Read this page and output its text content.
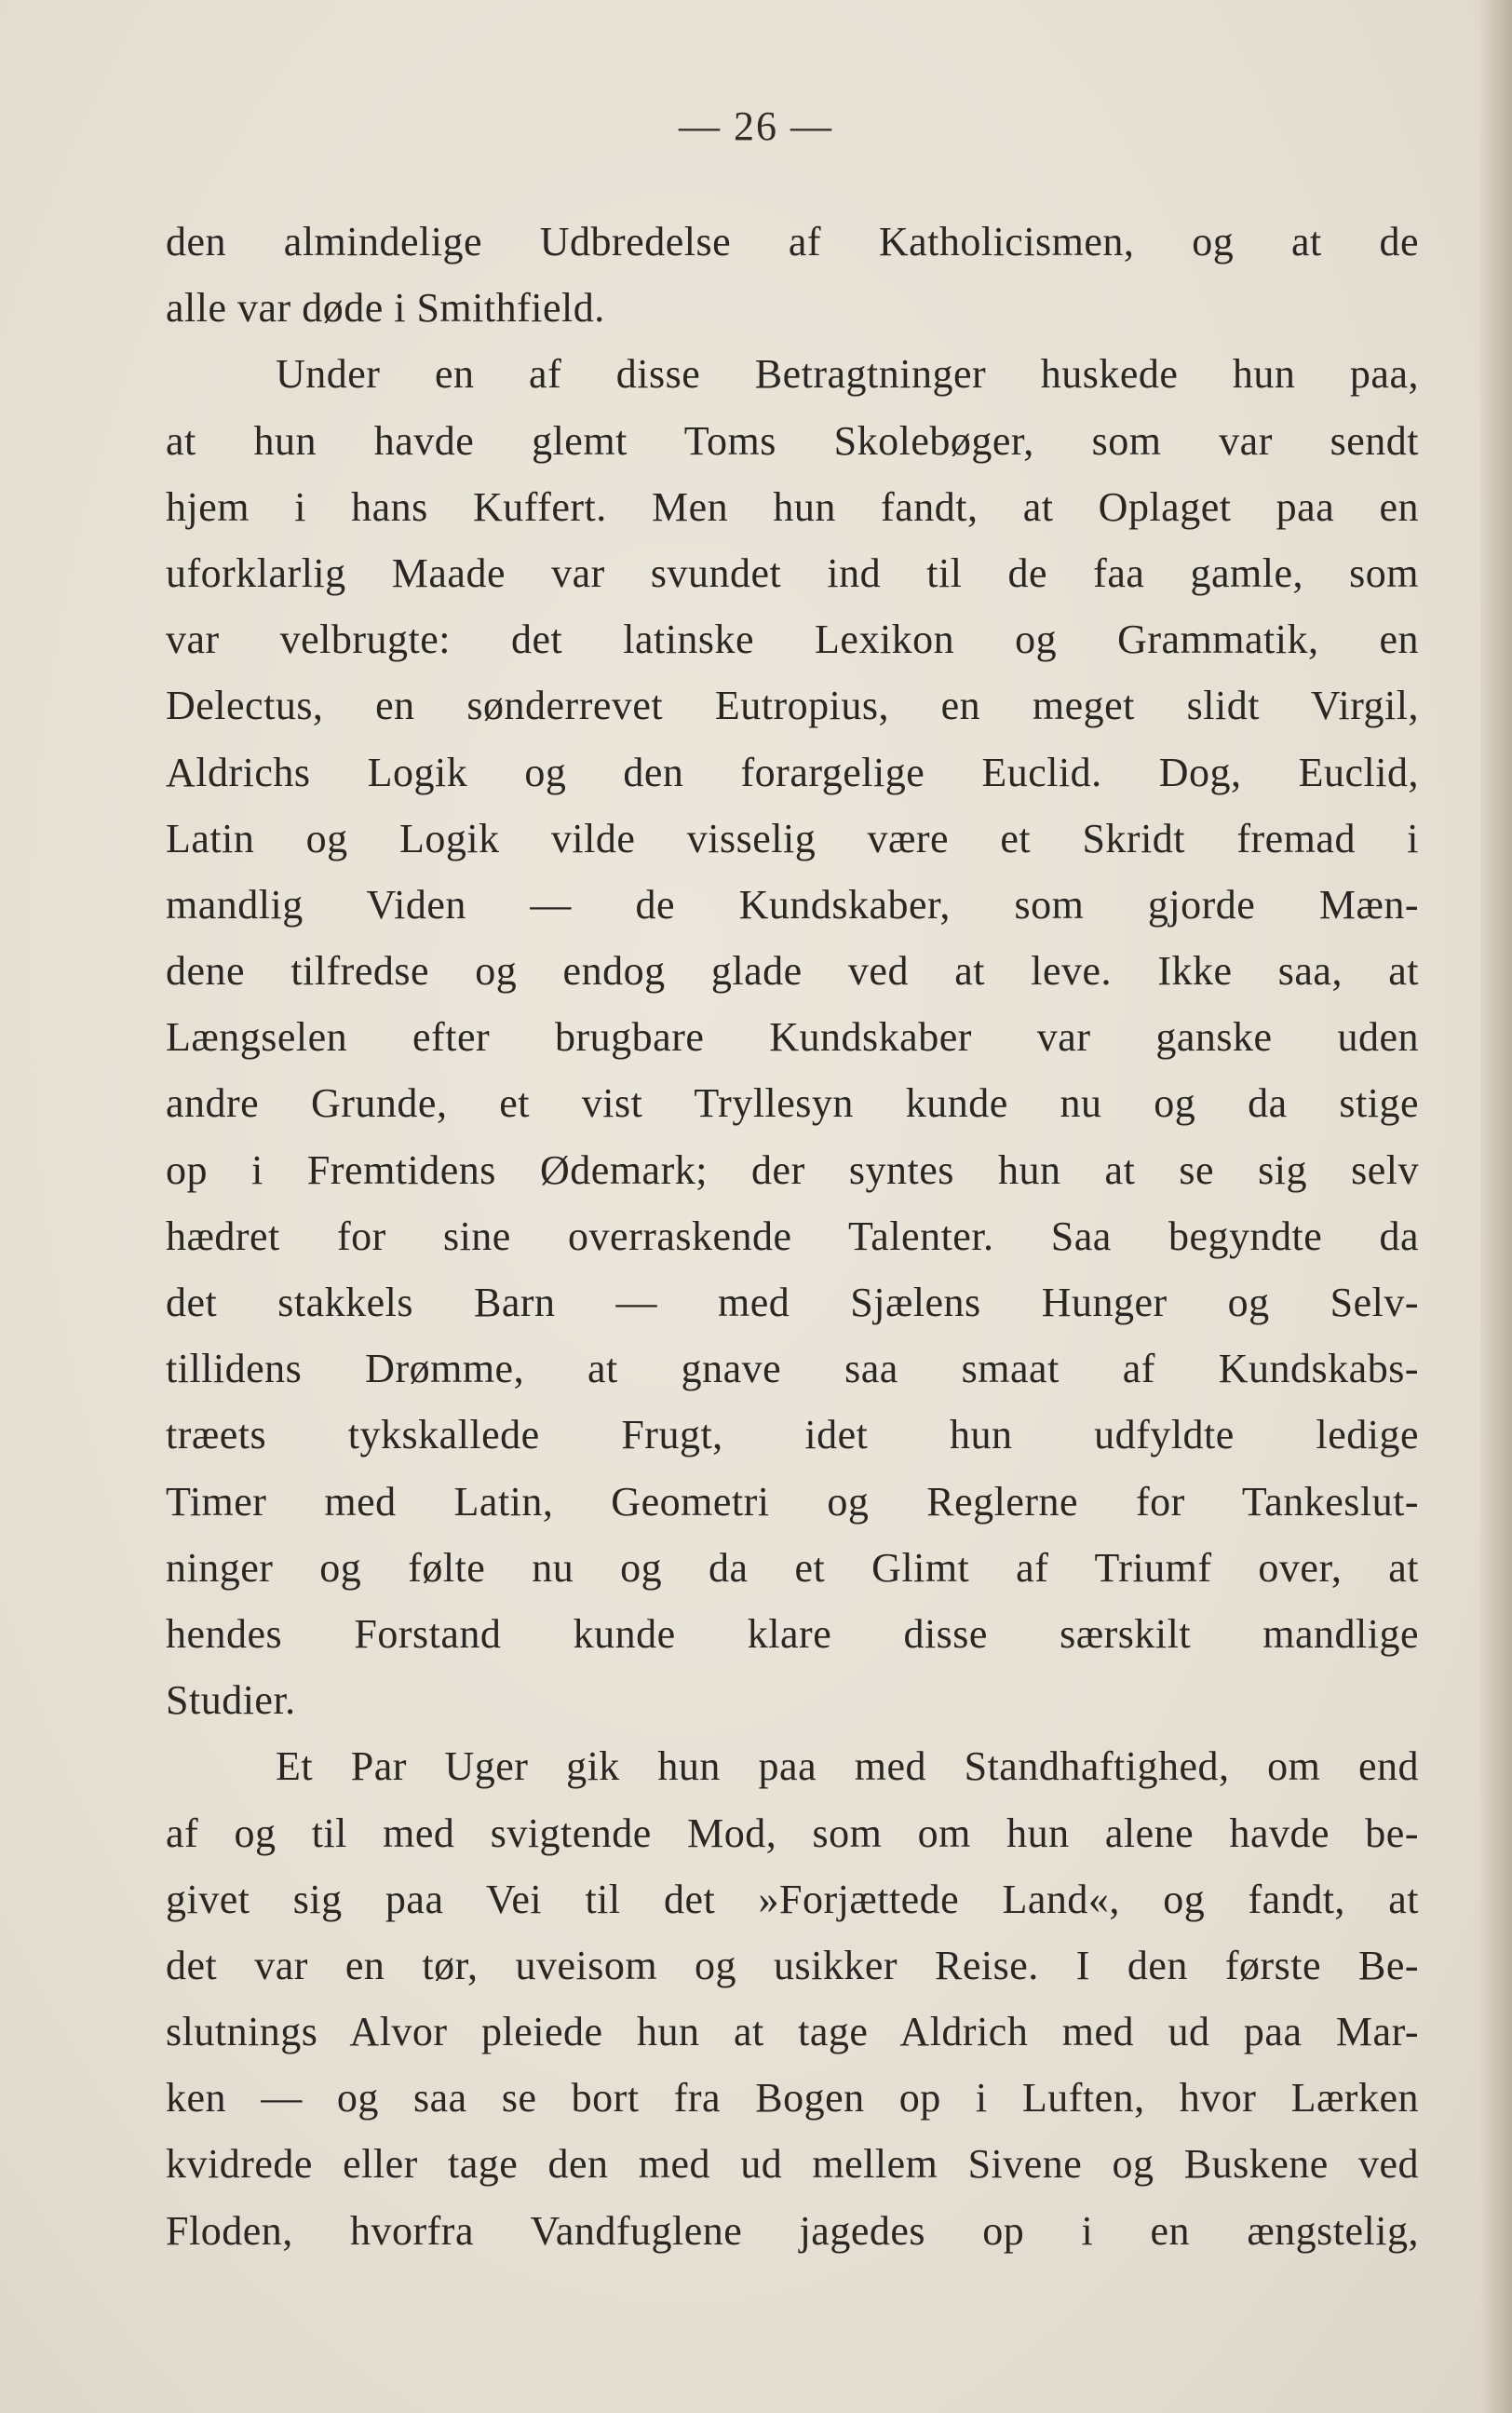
— 26 —
den almindelige Udbredelse af Katholicismen, og at de
alle var døde i Smithfield.
Under en af disse Betragtninger huskede hun paa,
at hun havde glemt Toms Skolebøger, som var sendt
hjem i hans Kuffert. Men hun fandt, at Oplaget paa en
uforklarlig Maade var svundet ind til de faa gamle, som
var velbrugte: det latinske Lexikon og Grammatik, en
Delectus, en sønderrevet Eutropius, en meget slidt Virgil,
Aldrichs Logik og den forargelige Euclid. Dog, Euclid,
Latin og Logik vilde visselig være et Skridt fremad i
mandlig Viden — de Kundskaber, som gjorde Mæn-
dene tilfredse og endog glade ved at leve. Ikke saa, at
Længselen efter brugbare Kundskaber var ganske uden
andre Grunde, et vist Tryllesyn kunde nu og da stige
op i Fremtidens Ødemark; der syntes hun at se sig selv
hædret for sine overraskende Talenter. Saa begyndte da
det stakkels Barn — med Sjælens Hunger og Selv-
tillidens Drømme, at gnave saa smaat af Kundskabs-
træets tykskallede Frugt, idet hun udfyldte ledige
Timer med Latin, Geometri og Reglerne for Tankeslut-
ninger og følte nu og da et Glimt af Triumf over, at
hendes Forstand kunde klare disse særskilt mandlige
Studier.
Et Par Uger gik hun paa med Standhaftighed, om end
af og til med svigtende Mod, som om hun alene havde be-
givet sig paa Vei til det »Forjættede Land«, og fandt, at
det var en tør, uveisom og usikker Reise. I den første Be-
slutnings Alvor pleiede hun at tage Aldrich med ud paa Mar-
ken — og saa se bort fra Bogen op i Luften, hvor Lærken
kvidrede eller tage den med ud mellem Sivene og Buskene ved
Floden, hvorfra Vandfuglene jagedes op i en ængstelig,
